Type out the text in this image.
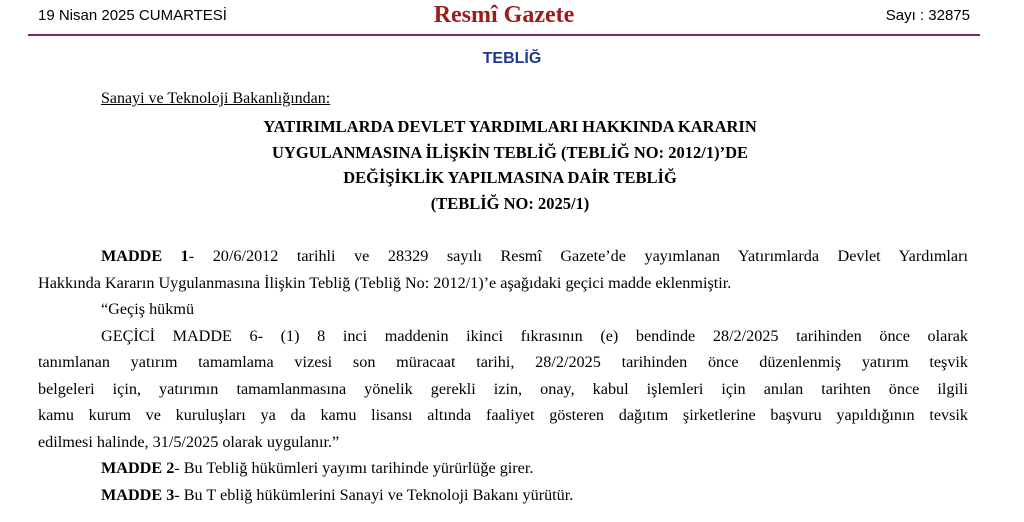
19 Nisan 2025 CUMARTESİ	Resmî Gazete	Sayı : 32875
TEBLİĞ
Sanayi ve Teknoloji Bakanlığından:
YATIRIMLARDA DEVLET YARDIMLARI HAKKINDA KARARIN
UYGULANMASINA İLİŞKİN TEBLİĞ (TEBLİĞ NO: 2012/1)’DE
DEĞİŞİKLİK YAPILMASINA DAİR TEBLİĞ
(TEBLİĞ NO: 2025/1)
MADDE 1- 20/6/2012 tarihli ve 28329 sayılı Resmî Gazete’de yayımlanan Yatırımlarda Devlet Yardımları
Hakkında Kararın Uygulanmasına İlişkin Tebliğ (Tebliğ No: 2012/1)’e aşağıdaki geçici madde eklenmiştir.
“Geçiş hükmü
GEÇİCİ MADDE 6- (1) 8 inci maddenin ikinci fıkrasının (e) bendinde 28/2/2025 tarihinden önce olarak
tanımlanan yatırım tamamlama vizesi son müracaat tarihi, 28/2/2025 tarihinden önce düzenlenmiş yatırım teşvik
belgeleri için, yatırımın tamamlanmasına yönelik gerekli izin, onay, kabul işlemleri için anılan tarihten önce ilgili
kamu kurum ve kuruluşları ya da kamu lisansı altında faaliyet gösteren dağıtım şirketlerine başvuru yapıldığının tevsik
edilmesi halinde, 31/5/2025 olarak uygulanır.”
MADDE 2- Bu Tebliğ hükümleri yayımı tarihinde yürürlüğe girer.
MADDE 3- Bu T ebliğ hükümlerini Sanayi ve Teknoloji Bakanı yürütür.
